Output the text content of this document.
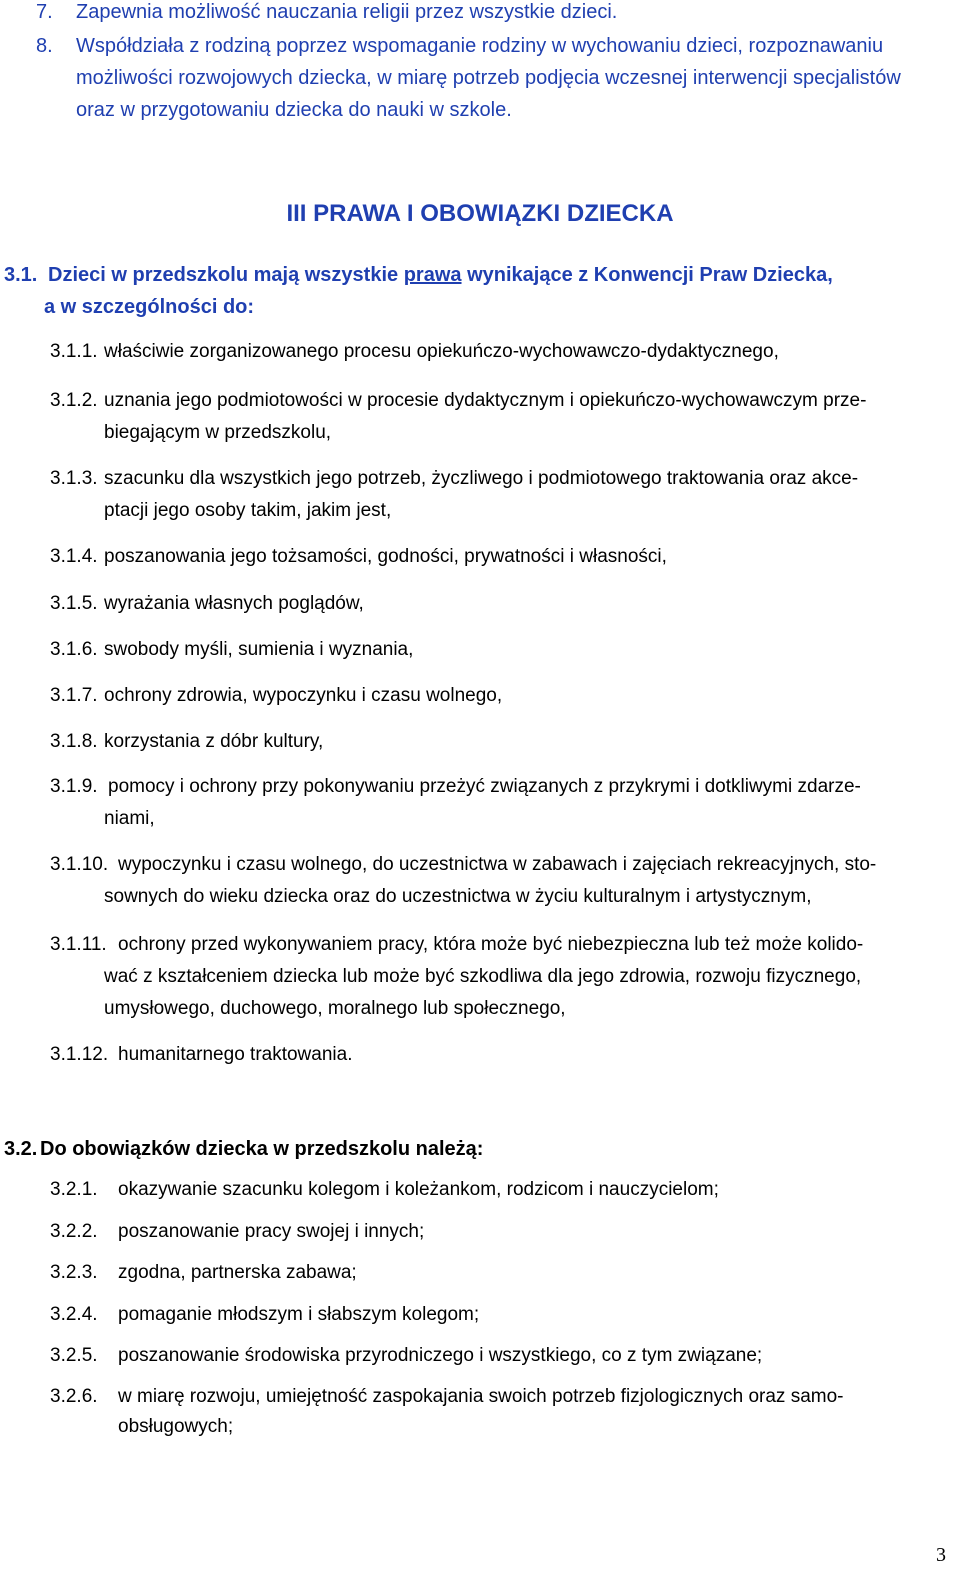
7. Zapewnia możliwość nauczania religii przez wszystkie dzieci.
8. Współdziała z rodziną poprzez wspomaganie rodziny w wychowaniu dzieci, rozpoznawaniu
możliwości rozwojowych dziecka, w miarę potrzeb podjęcia wczesnej interwencji specjalistów
oraz w przygotowaniu dziecka do nauki w szkole.
III PRAWA I OBOWIĄZKI DZIECKA
3.1. Dzieci w przedszkolu mają wszystkie prawa wynikające z Konwencji Praw Dziecka,
a w szczególności do:
3.1.1. właściwie zorganizowanego procesu opiekuńczo-wychowawczo-dydaktycznego,
3.1.2. uznania jego podmiotowości w procesie dydaktycznym i opiekuńczo-wychowawczym prze-
biegającym w przedszkolu,
3.1.3. szacunku dla wszystkich jego potrzeb, życzliwego i podmiotowego traktowania oraz akce-
ptacji jego osoby takim, jakim jest,
3.1.4. poszanowania jego tożsamości, godności, prywatności i własności,
3.1.5. wyrażania własnych poglądów,
3.1.6. swobody myśli, sumienia i wyznania,
3.1.7. ochrony zdrowia, wypoczynku i czasu wolnego,
3.1.8. korzystania z dóbr kultury,
3.1.9. pomocy i ochrony przy pokonywaniu przeżyć związanych z przykrymi i dotkliwymi zdarze-
niami,
3.1.10. wypoczynku i czasu wolnego, do uczestnictwa w zabawach i zajęciach rekreacyjnych, sto-
sownych do wieku dziecka oraz do uczestnictwa w życiu kulturalnym i artystycznym,
3.1.11. ochrony przed wykonywaniem pracy, która może być niebezpieczna lub też może kolido-
wać z kształceniem dziecka lub może być szkodliwa dla jego zdrowia, rozwoju fizycznego,
umysłowego, duchowego, moralnego lub społecznego,
3.1.12. humanitarnego traktowania.
3.2. Do obowiązków dziecka w przedszkolu należą:
3.2.1. okazywanie szacunku kolegom i koleżankom, rodzicom i nauczycielom;
3.2.2. poszanowanie pracy swojej i innych;
3.2.3. zgodna, partnerska zabawa;
3.2.4. pomaganie młodszym i słabszym kolegom;
3.2.5. poszanowanie środowiska przyrodniczego i wszystkiego, co z tym związane;
3.2.6. w miarę rozwoju, umiejętność zaspokajania swoich potrzeb fizjologicznych oraz samo-
obsługowych;
3
